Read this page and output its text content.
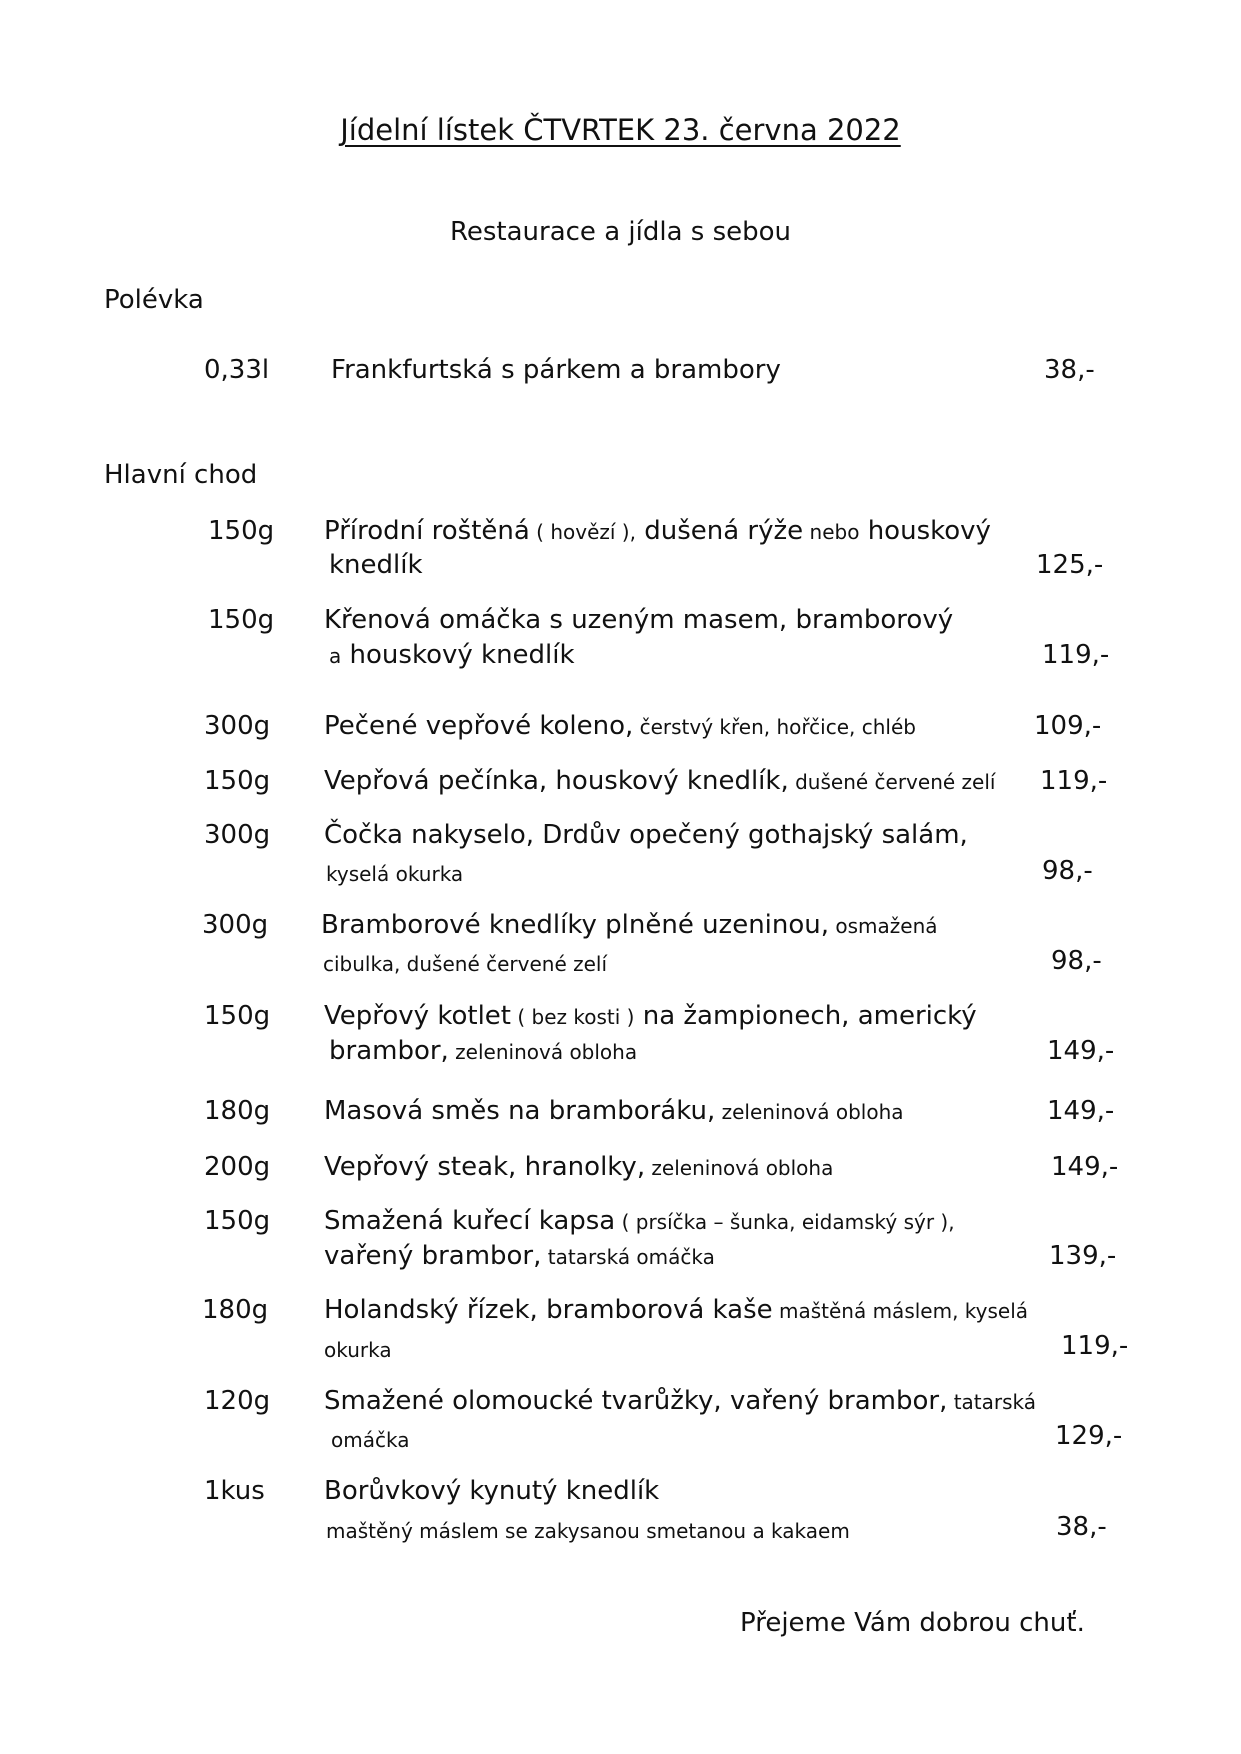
Jídelní lístek ČTVRTEK 23. června 2022
Restaurace a jídla s sebou
Polévka
0,33l Frankfurtská s párkem a brambory	38,-
Hlavní chod
150g Přírodní roštěná ( hovězí ), dušená rýže nebo houskový
knedlík	125,-
150g Křenová omáčka s uzeným masem, bramborový
a houskový knedlík	119,-
300g Pečené vepřové koleno, čerstvý křen, hořčice, chléb	109,-
150g Vepřová pečínka, houskový knedlík, dušené červené zelí 119,-
300g Čočka nakyselo, Drdův opečený gothajský salám,
kyselá okurka	98,-
300g Bramborové knedlíky plněné uzeninou, osmažená
cibulka, dušené červené zelí	98,-
150g Vepřový kotlet ( bez kosti ) na žampionech, americký
brambor, zeleninová obloha	149,-
180g Masová směs na bramboráku, zeleninová obloha	149,-
200g Vepřový steak, hranolky, zeleninová obloha	149,-
150g Smažená kuřecí kapsa ( prsíčka – šunka, eidamský sýr ),
vařený brambor, tatarská omáčka	139,-
180g Holandský řízek, bramborová kaše maštěná máslem, kyselá
okurka	119,-
120g Smažené olomoucké tvarůžky, vařený brambor, tatarská
omáčka	129,-
1kus Borůvkový kynutý knedlík
maštěný máslem se zakysanou smetanou a kakaem	38,-
Přejeme Vám dobrou chuť.
